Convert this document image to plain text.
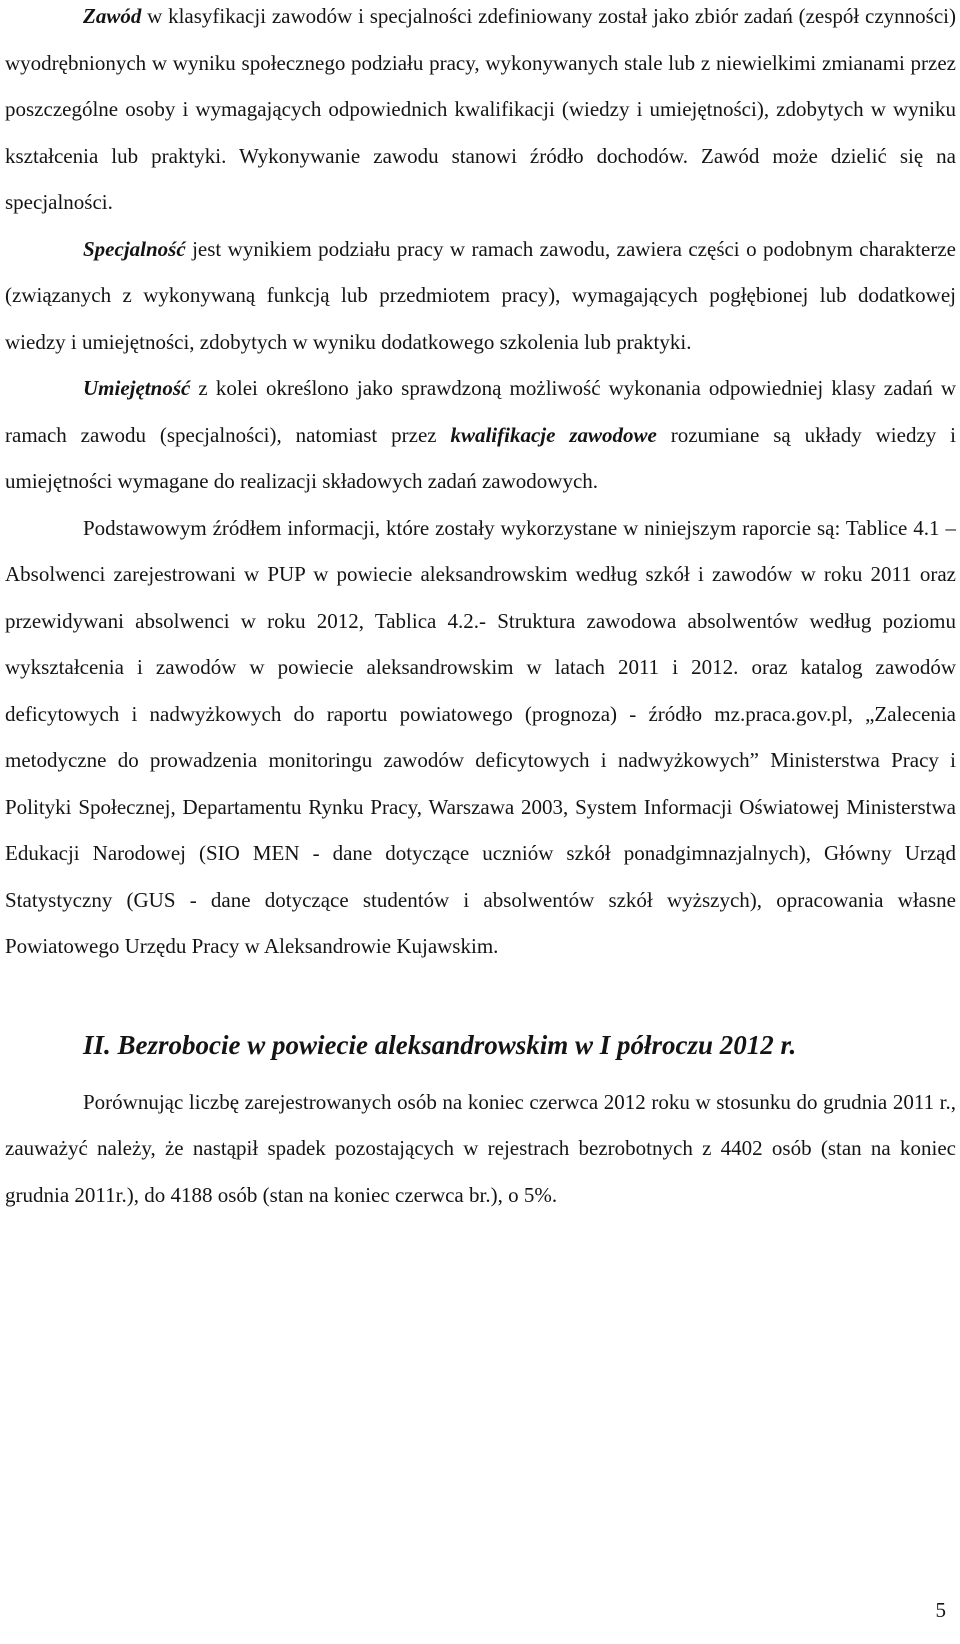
Zawód w klasyfikacji zawodów i specjalności zdefiniowany został jako zbiór zadań (zespół czynności) wyodrębnionych w wyniku społecznego podziału pracy, wykonywanych stale lub z niewielkimi zmianami przez poszczególne osoby i wymagających odpowiednich kwalifikacji (wiedzy i umiejętności), zdobytych w wyniku kształcenia lub praktyki. Wykonywanie zawodu stanowi źródło dochodów. Zawód może dzielić się na specjalności.

Specjalność jest wynikiem podziału pracy w ramach zawodu, zawiera części o podobnym charakterze (związanych z wykonywaną funkcją lub przedmiotem pracy), wymagających pogłębionej lub dodatkowej wiedzy i umiejętności, zdobytych w wyniku dodatkowego szkolenia lub praktyki.

Umiejętność z kolei określono jako sprawdzoną możliwość wykonania odpowiedniej klasy zadań w ramach zawodu (specjalności), natomiast przez kwalifikacje zawodowe rozumiane są układy wiedzy i umiejętności wymagane do realizacji składowych zadań zawodowych.

Podstawowym źródłem informacji, które zostały wykorzystane w niniejszym raporcie są: Tablice 4.1 – Absolwenci zarejestrowani w PUP w powiecie aleksandrowskim według szkół i zawodów w roku 2011 oraz przewidywani absolwenci w roku 2012, Tablica 4.2.- Struktura zawodowa absolwentów według poziomu wykształcenia i zawodów w powiecie aleksandrowskim w latach 2011 i 2012. oraz katalog zawodów deficytowych i nadwyżkowych do raportu powiatowego (prognoza) - źródło mz.praca.gov.pl, „Zalecenia metodyczne do prowadzenia monitoringu zawodów deficytowych i nadwyżkowych” Ministerstwa Pracy i Polityki Społecznej, Departamentu Rynku Pracy, Warszawa 2003, System Informacji Oświatowej Ministerstwa Edukacji Narodowej (SIO MEN - dane dotyczące uczniów szkół ponadgimnazjalnych), Główny Urząd Statystyczny (GUS - dane dotyczące studentów i absolwentów szkół wyższych), opracowania własne Powiatowego Urzędu Pracy w Aleksandrowie Kujawskim.

II. Bezrobocie w powiecie aleksandrowskim w I półroczu 2012 r.

Porównując liczbę zarejestrowanych osób na koniec czerwca 2012 roku w stosunku do grudnia 2011 r., zauważyć należy, że nastąpił spadek pozostających w rejestrach bezrobotnych z 4402 osób (stan na koniec grudnia 2011r.), do 4188 osób (stan na koniec czerwca br.), o 5%.

5
